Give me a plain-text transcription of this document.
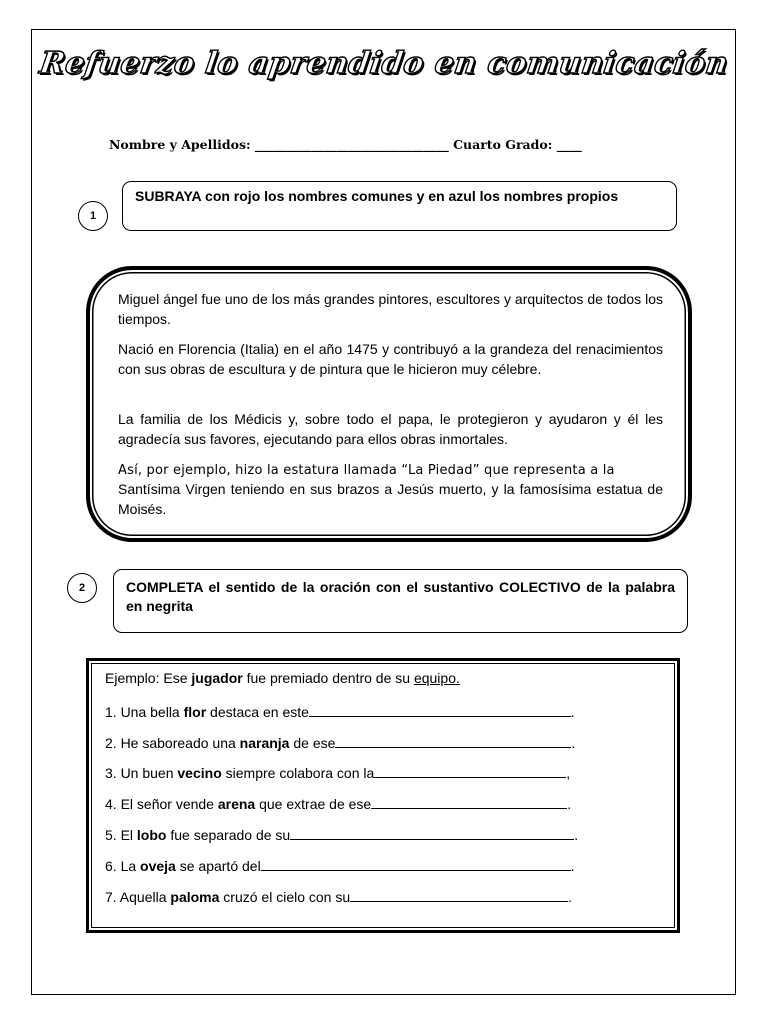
Refuerzo lo aprendido en comunicación
Nombre y Apellidos: _______________________________ Cuarto Grado: ____
1
SUBRAYA con rojo los nombres comunes y en azul los nombres propios

Miguel ángel fue uno de los más grandes pintores, escultores y arquitectos de todos los tiempos.

Nació en Florencia (Italia) en el año 1475 y contribuyó a la grandeza del renacimientos con sus obras de escultura y de pintura que le hicieron muy célebre.

La familia de los Médicis y, sobre todo el papa, le protegieron y ayudaron y él les agradecía sus favores, ejecutando para ellos obras inmortales.

Así, por ejemplo, hizo la estatura llamada “La Piedad” que representa a la

Santísima Virgen teniendo en sus brazos a Jesús muerto, y la famosísima estatua de Moisés.

2	COMPLETA el sentido de la oración con el sustantivo COLECTIVO de la palabra en negrita
Ejemplo: Ese jugador fue premiado dentro de su equipo.
1. Una bella flor destaca en este	.
2. He saboreado una naranja de ese	.
3. Un buen vecino siempre colabora con la	,
4. El señor vende arena que extrae de ese	.
5. El lobo fue separado de su	.
6. La oveja se apartó del	.
7. Aquella paloma cruzó el cielo con su	.
